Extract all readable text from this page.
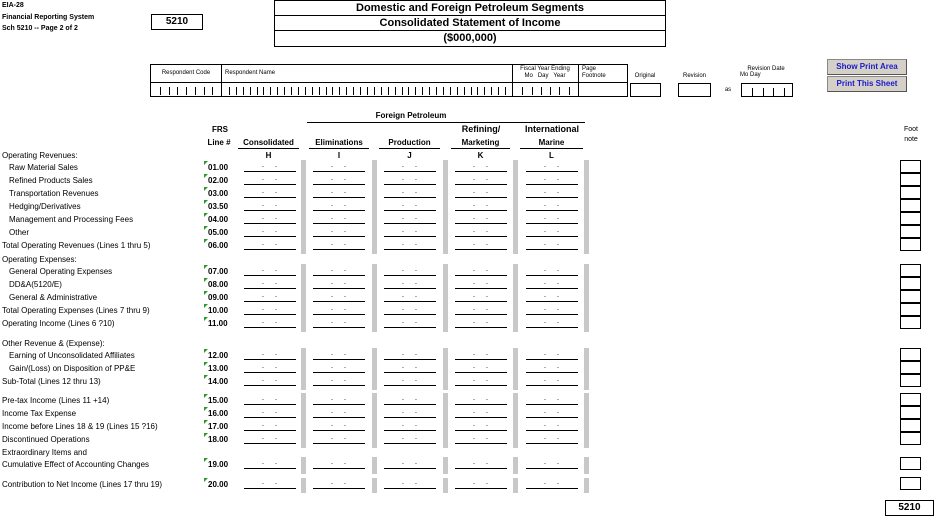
EIA-28
Financial Reporting System
Sch 5210 -- Page 2 of 2
5210
Domestic and Foreign Petroleum Segments
Consolidated Statement of Income
($000,000)
Respondent Code	Respondent Name
Fiscal Year Ending
Mo   Day   Year
Page
Footnote	Original	Revision
as
Revision Date
Mo Day
Show Print Area
Print This Sheet
Foreign Petroleum
FRS
Line #
Foot
note
Refining/	International
Consolidated
H
Eliminations
I
Production
J
Marketing
K
Marine
L
Operating Revenues:
Operating Expenses:
Other Revenue & (Expense):
Extraordinary Items and
Raw Material Sales	01.00	.   .	.   .	.   .	.   .	.   .
Refined Products Sales	02.00	.   .	.   .	.   .	.   .	.   .
Transportation Revenues	03.00	.   .	.   .	.   .	.   .	.   .
Hedging/Derivatives	03.50	.   .	.   .	.   .	.   .	.   .
Management and Processing Fees	04.00	.   .	.   .	.   .	.   .	.   .
Other	05.00	.   .	.   .	.   .	.   .	.   .
Total Operating Revenues (Lines 1 thru 5)	06.00	.   .	.   .	.   .	.   .	.   .
General Operating Expenses	07.00	.   .	.   .	.   .	.   .	.   .
DD&A(5120/E)	08.00	.   .	.   .	.   .	.   .	.   .
General & Administrative	09.00	.   .	.   .	.   .	.   .	.   .
Total Operating Expenses (Lines 7 thru 9)	10.00	.   .	.   .	.   .	.   .	.   .
Operating Income (Lines 6 ?10)	11.00	.   .	.   .	.   .	.   .	.   .
Earning of Unconsolidated Affiliates	12.00	.   .	.   .	.   .	.   .	.   .
Gain/(Loss) on Disposition of PP&E	13.00	.   .	.   .	.   .	.   .	.   .
Sub-Total (Lines 12 thru 13)	14.00	.   .	.   .	.   .	.   .	.   .
Pre-tax Income (Lines 11 +14)	15.00	.   .	.   .	.   .	.   .	.   .
Income Tax Expense	16.00	.   .	.   .	.   .	.   .	.   .
Income before Lines 18 & 19 (Lines 15 ?16)	17.00	.   .	.   .	.   .	.   .	.   .
Discontinued Operations	18.00	.   .	.   .	.   .	.   .	.   .
Cumulative Effect of Accounting Changes	19.00	.   .	.   .	.   .	.   .	.   .
Contribution to Net Income (Lines 17 thru 19)	20.00	.   .	.   .	.   .	.   .	.   .
5210
